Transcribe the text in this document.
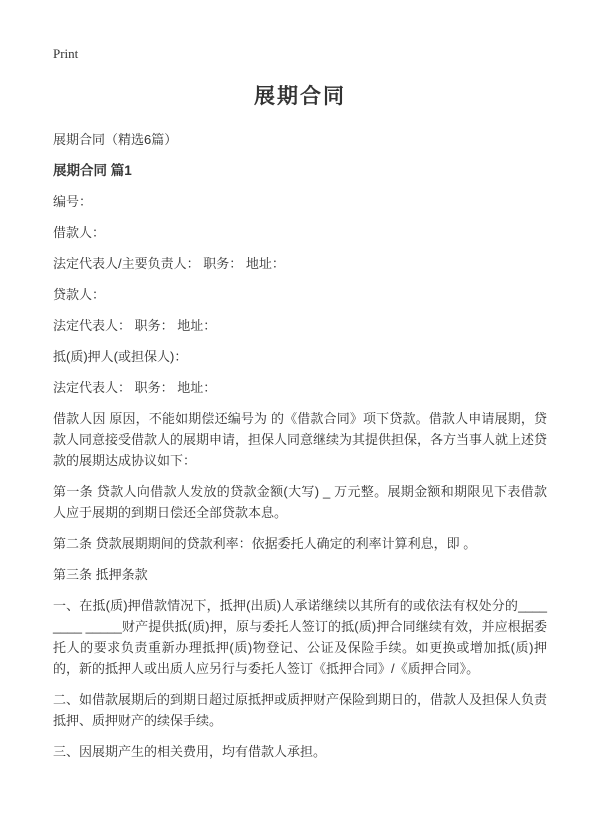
Print
展期合同

展期合同（精选6篇）

展期合同 篇1

编号：

借款人：

法定代表人/主要负责人： 职务： 地址：

贷款人：

法定代表人： 职务： 地址：

抵(质)押人(或担保人)：

法定代表人： 职务： 地址：

借款人因 原因，不能如期偿还编号为 的《借款合同》项下贷款。借款人申请展期，贷款人同意接受借款人的展期申请，担保人同意继续为其提供担保，各方当事人就上述贷款的展期达成协议如下：

第一条 贷款人向借款人发放的贷款金额(大写) _ 万元整。展期金额和期限见下表借款人应于展期的到期日偿还全部贷款本息。

第二条 贷款展期期间的贷款利率：依据委托人确定的利率计算利息，即 。

第三条 抵押条款

一、在抵(质)押借款情况下，抵押(出质)人承诺继续以其所有的或依法有权处分的________ _____财产提供抵(质)押，原与委托人签订的抵(质)押合同继续有效，并应根据委托人的要求负责重新办理抵押(质)物登记、公证及保险手续。如更换或增加抵(质)押的，新的抵押人或出质人应另行与委托人签订《抵押合同》/《质押合同》。

二、如借款展期后的到期日超过原抵押或质押财产保险到期日的，借款人及担保人负责抵押、质押财产的续保手续。

三、因展期产生的相关费用，均有借款人承担。
